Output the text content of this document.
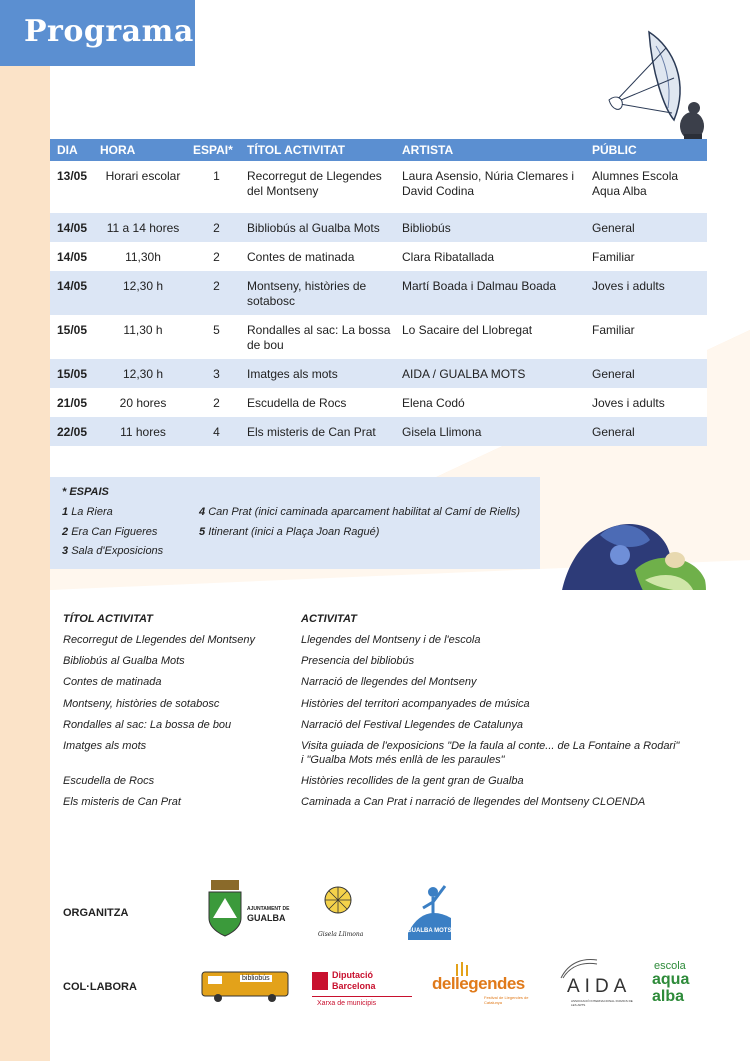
Programa
DIA	HORA	ESPAI*	TÍTOL ACTIVITAT	ARTISTA	PÚBLIC
13/05	Horari escolar	1	Recorregut de Llegendes del Montseny	Laura Asensio, Núria Clemares i David Codina	Alumnes Escola Aqua Alba
14/05	11 a 14 hores	2	Bibliobús al Gualba Mots	Bibliobús	General
14/05	11,30h	2	Contes de matinada	Clara Ribatallada	Familiar
14/05	12,30 h	2	Montseny, històries de sotabosc	Martí Boada i Dalmau Boada	Joves i adults
15/05	11,30 h	5	Rondalles al sac: La bossa de bou	Lo Sacaire del Llobregat	Familiar
15/05	12,30 h	3	Imatges als mots	AIDA / GUALBA MOTS	General
21/05	20 hores	2	Escudella de Rocs	Elena Codó	Joves i adults
22/05	11 hores	4	Els misteris de Can Prat	Gisela Llimona	General
* ESPAIS
1 La Riera
2 Era Can Figueres
3 Sala d'Exposicions
4 Can Prat (inici caminada aparcament habilitat al Camí de Riells)
5 Itinerant (inici a Plaça Joan Ragué)
TÍTOL ACTIVITAT	ACTIVITAT
Recorregut de Llegendes del Montseny	Llegendes del Montseny i de l'escola
Bibliobús al Gualba Mots	Presencia del bibliobús
Contes de matinada	Narració de llegendes del Montseny
Montseny, històries de sotabosc	Històries del territori acompanyades de música
Rondalles al sac: La bossa de bou	Narració del Festival Llegendes de Catalunya
Imatges als mots	Visita guiada de l'exposicions "De la faula al conte... de La Fontaine a Rodari"
i "Gualba Mots més enllà de les paraules"
Escudella de Rocs	Històries recollides de la gent gran de Gualba
Els misteris de Can Prat	Caminada a Can Prat i narració de llegendes del Montseny CLOENDA
ORGANITZA	AJUNTAMENT DE
GUALBA
Gisela Llimona	GUALBA MOTS
COL·LABORA
bibliobús	Diputació
Barcelona
Xarxa de municipis
dellegendes
Festival de Llegendes de Catalunya
AIDA
ASSOCIACIÓ INTERNACIONAL D'AMICS DE LES ARTS
escola
aqua
alba
